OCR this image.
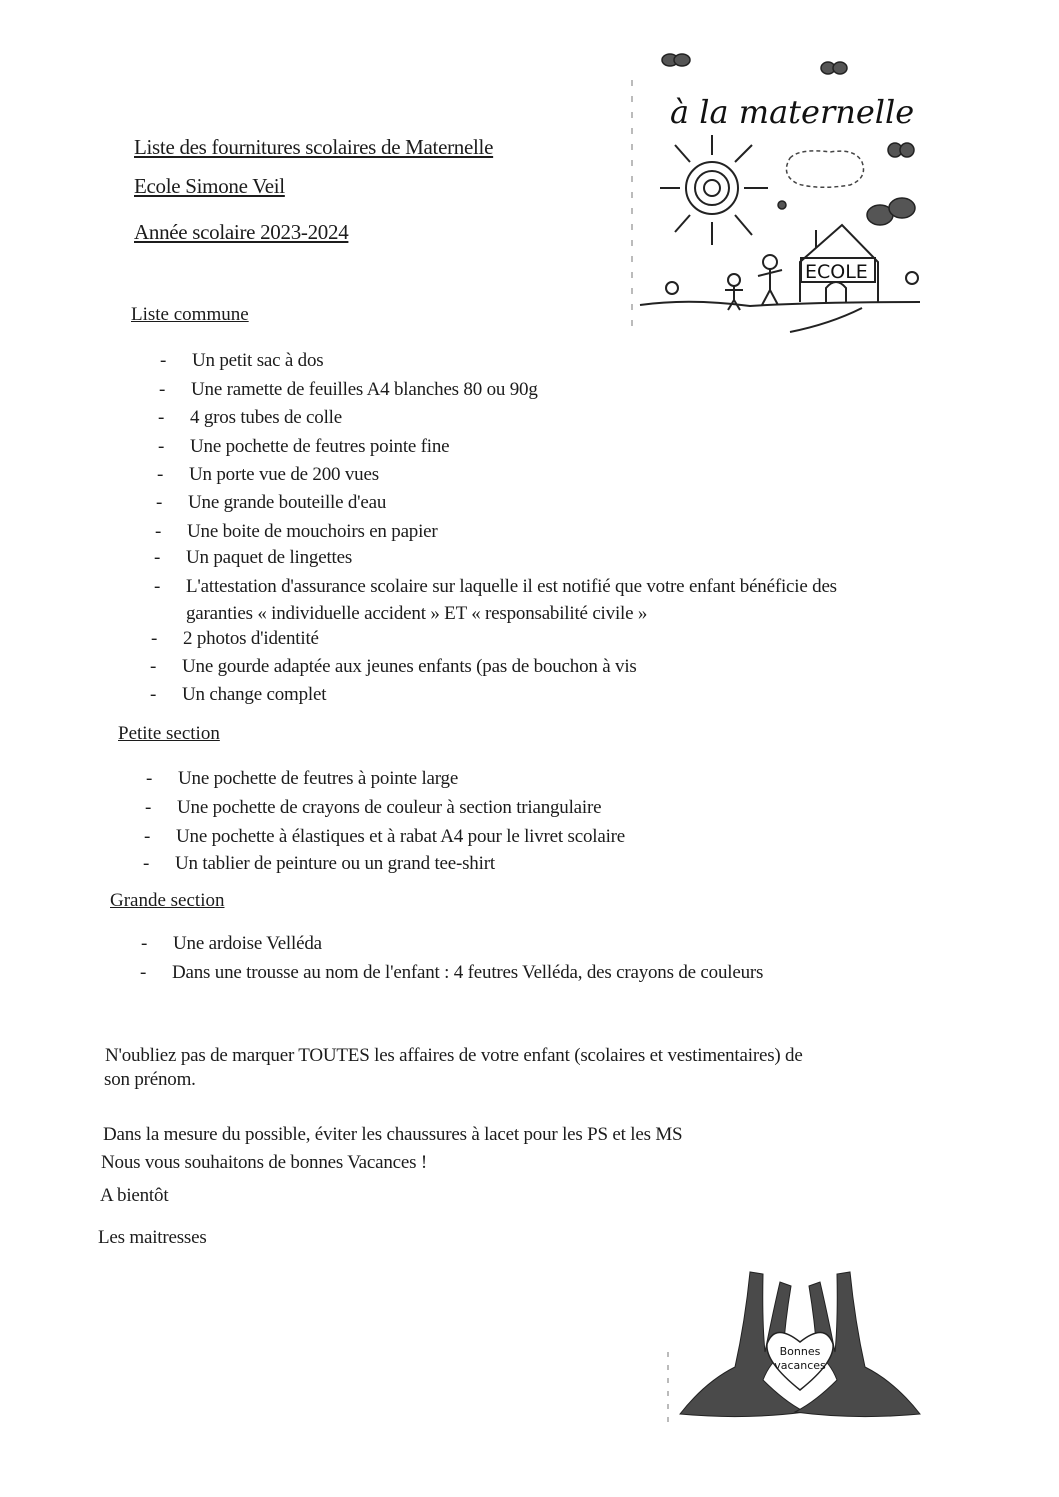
Liste des fournitures scolaires de Maternelle
Ecole Simone Veil
Année scolaire 2023-2024
à la maternelle
ECOLE
Liste commune
- Un petit sac à dos
- Une ramette de feuilles A4 blanches 80 ou 90g
- 4 gros tubes de colle
- Une pochette de feutres pointe fine
- Un porte vue de 200 vues
- Une grande bouteille d'eau
- Une boite de mouchoirs en papier
- Un paquet de lingettes
- L'attestation d'assurance scolaire sur laquelle il est notifié que votre enfant bénéficie des
garanties « individuelle accident » ET « responsabilité civile »
- 2 photos d'identité
- Une gourde adaptée aux jeunes enfants (pas de bouchon à vis
- Un change complet
Petite section
- Une pochette de feutres à pointe large
- Une pochette de crayons de couleur à section triangulaire
- Une pochette à élastiques et à rabat A4 pour le livret scolaire
- Un tablier de peinture ou un grand tee-shirt
Grande section
- Une ardoise Velléda
- Dans une trousse au nom de l'enfant : 4 feutres Velléda, des crayons de couleurs
N'oubliez pas de marquer TOUTES les affaires de votre enfant (scolaires et vestimentaires) de
son prénom.
Dans la mesure du possible, éviter les chaussures à lacet pour les PS et les MS
Nous vous souhaitons de bonnes Vacances !
A bientôt
Les maitresses
Bonnes
vacances
